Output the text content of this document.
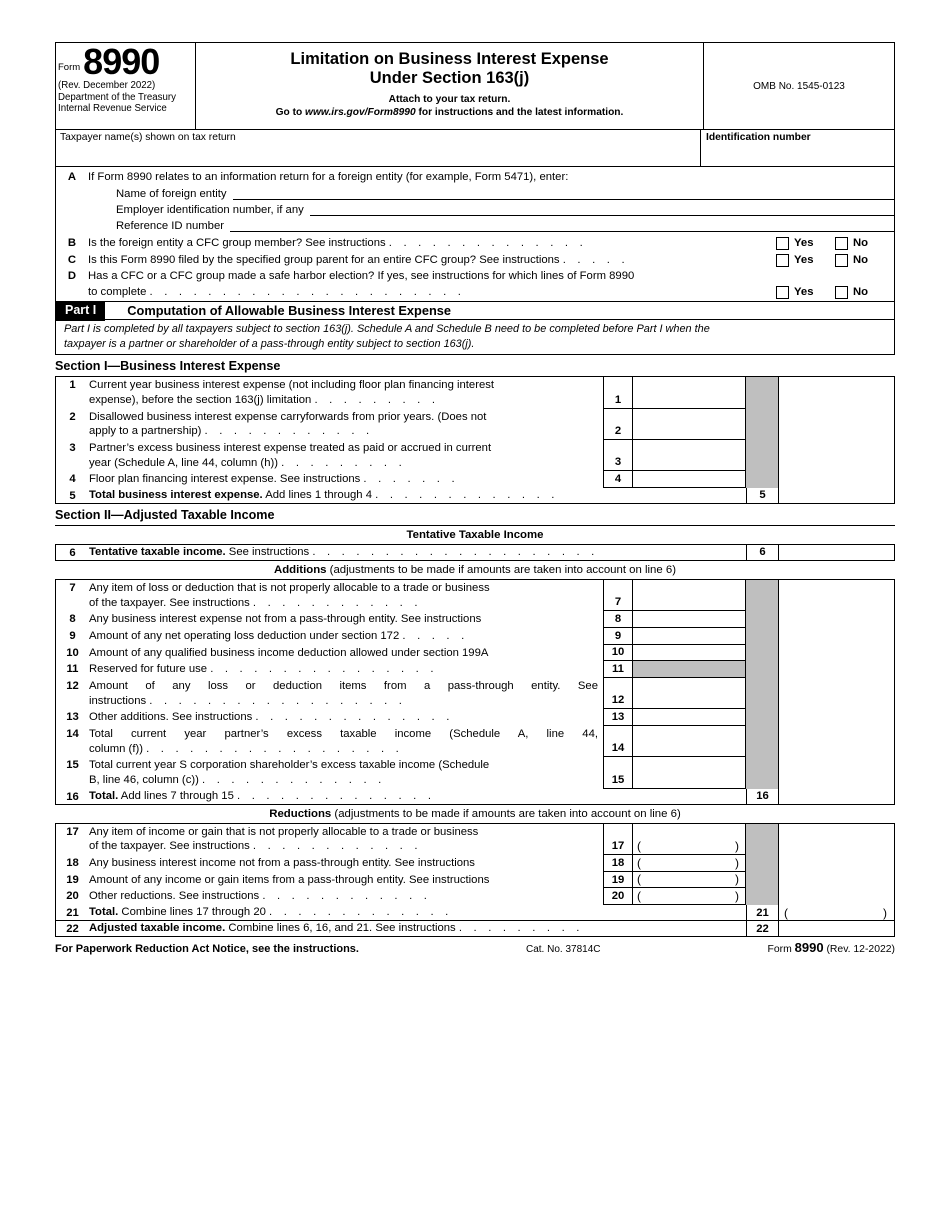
Form 8990
(Rev. December 2022)
Department of the Treasury
Internal Revenue Service
Limitation on Business Interest Expense
Under Section 163(j)
Attach to your tax return.
Go to www.irs.gov/Form8990 for instructions and the latest information.
OMB No. 1545-0123
Taxpayer name(s) shown on tax return	Identification number
A	If Form 8990 relates to an information return for a foreign entity (for example, Form 5471), enter:
Name of foreign entity
Employer identification number, if any
Reference ID number
B	Is the foreign entity a CFC group member? See instructions . . . . . . . . . . . . . .	Yes	No
C	Is this Form 8990 filed by the specified group parent for an entire CFC group? See instructions . . . . .	Yes	No
D	Has a CFC or a CFC group made a safe harbor election? If yes, see instructions for which lines of Form 8990
to complete . . . . . . . . . . . . . . . . . . . . . .	Yes	No
Part I	Computation of Allowable Business Interest Expense
Part I is completed by all taxpayers subject to section 163(j). Schedule A and Schedule B need to be completed before Part I when the
taxpayer is a partner or shareholder of a pass-through entity subject to section 163(j).
Section I—Business Interest Expense
1	Current year business interest expense (not including floor plan financing interest
expense), before the section 163(j) limitation . . . . . . . . .	1
2	Disallowed business interest expense carryforwards from prior years. (Does not
apply to a partnership) . . . . . . . . . . . .	2
3	Partner’s excess business interest expense treated as paid or accrued in current
year (Schedule A, line 44, column (h)) . . . . . . . . .	3
4	Floor plan financing interest expense. See instructions . . . . . . .	4
5	Total business interest expense. Add lines 1 through 4 . . . . . . . . . . . . .	5
Section II—Adjusted Taxable Income
Tentative Taxable Income
6	Tentative taxable income. See instructions . . . . . . . . . . . . . . . . . . . .	6
Additions (adjustments to be made if amounts are taken into account on line 6)
7	Any item of loss or deduction that is not properly allocable to a trade or business
of the taxpayer. See instructions . . . . . . . . . . . .	7
8	Any business interest expense not from a pass-through entity. See instructions	8
9	Amount of any net operating loss deduction under section 172 . . . . .	9
10 Amount of any qualified business income deduction allowed under section 199A	10
11 Reserved for future use . . . . . . . . . . . . . . . .	11
12 Amount of any loss or deduction items from a pass-through entity. See
instructions . . . . . . . . . . . . . . . . . .	12
13 Other additions. See instructions . . . . . . . . . . . . . .	13
14 Total current year partner’s excess taxable income (Schedule A, line 44,
column (f)) . . . . . . . . . . . . . . . . . .	14
15 Total current year S corporation shareholder’s excess taxable income (Schedule
B, line 46, column (c)) . . . . . . . . . . . . .	15
16 Total. Add lines 7 through 15 . . . . . . . . . . . . . .	16
Reductions (adjustments to be made if amounts are taken into account on line 6)
17 Any item of income or gain that is not properly allocable to a trade or business
of the taxpayer. See instructions . . . . . . . . . . . .	17
( )
18 Any business interest income not from a pass-through entity. See instructions	18
( )
19 Amount of any income or gain items from a pass-through entity. See instructions	19
( )
20 Other reductions. See instructions . . . . . . . . . . . .	20
( )
21 Total. Combine lines 17 through 20 . . . . . . . . . . . . .	21
( )
22 Adjusted taxable income. Combine lines 6, 16, and 21. See instructions . . . . . . . . .	22
For Paperwork Reduction Act Notice, see the instructions.	Cat. No. 37814C	Form 8990 (Rev. 12-2022)
